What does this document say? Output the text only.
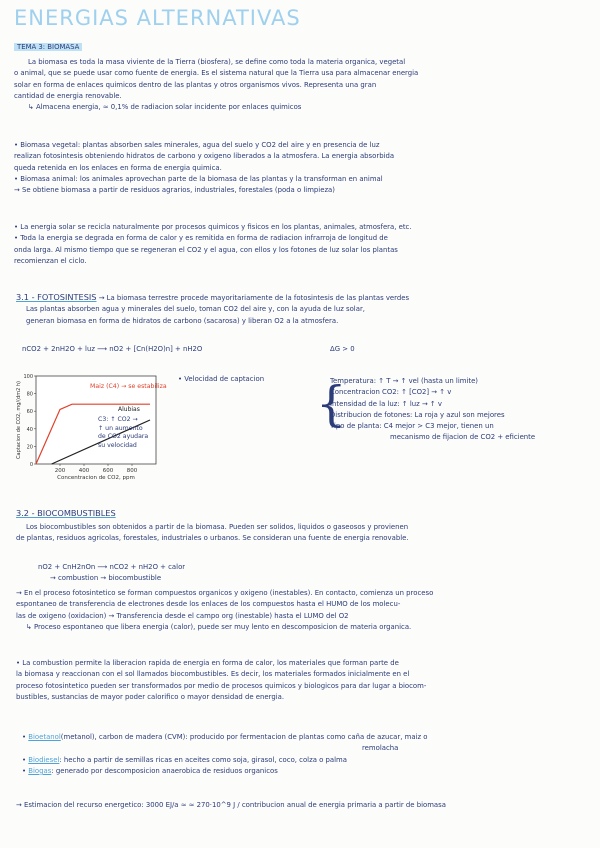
ENERGIAS ALTERNATIVAS
TEMA 3: BIOMASA
La biomasa es toda la masa viviente de la Tierra (biosfera), se define como toda la materia organica, vegetal
o animal, que se puede usar como fuente de energia. Es el sistema natural que la Tierra usa para almacenar energia
solar en forma de enlaces quimicos dentro de las plantas y otros organismos vivos. Representa una gran
cantidad de energia renovable.
↳ Almacena energia, ≈ 0,1% de radiacion solar incidente por enlaces quimicos
• Biomasa vegetal: plantas absorben sales minerales, agua del suelo y CO2 del aire y en presencia de luz
realizan fotosintesis obteniendo hidratos de carbono y oxigeno liberados a la atmosfera. La energia absorbida
queda retenida en los enlaces en forma de energia quimica.
• Biomasa animal: los animales aprovechan parte de la biomasa de las plantas y la transforman en animal
→ Se obtiene biomasa a partir de residuos agrarios, industriales, forestales (poda o limpieza)
• La energia solar se recicla naturalmente por procesos quimicos y fisicos en los plantas, animales, atmosfera, etc.
• Toda la energia se degrada en forma de calor y es remitida en forma de radiacion infrarroja de longitud de
onda larga. Al mismo tiempo que se regeneran el CO2 y el agua, con ellos y los fotones de luz solar los plantas
recomienzan el ciclo.
3.1 - FOTOSINTESIS → La biomasa terrestre procede mayoritariamente de la fotosintesis de las plantas verdes
Las plantas absorben agua y minerales del suelo, toman CO2 del aire y, con la ayuda de luz solar,
generan biomasa en forma de hidratos de carbono (sacarosa) y liberan O2 a la atmosfera.
nCO2 + 2nH2O + luz ⟶ nO2 + [Cn(H2O)n] + nH2O	ΔG > 0
0
20
40
60
80
100
200 400 600 800
Concentracion de CO2, ppm
Captacion de CO2, mg/(dm2 h)	Maiz (C4) → se estabiliza
Alubias
C3: ↑ CO2 →
↑ un aumento
de CO2 ayudara
su velocidad
• Velocidad de captacion {
Temperatura: ↑ T → ↑ vel (hasta un limite)
Concentracion CO2: ↑ [CO2] → ↑ v
Intensidad de la luz: ↑ luz → ↑ v
Distribucion de fotones: La roja y azul son mejores
Tipo de planta: C4 mejor > C3 mejor, tienen un
mecanismo de fijacion de CO2 + eficiente
3.2 - BIOCOMBUSTIBLES
Los biocombustibles son obtenidos a partir de la biomasa. Pueden ser solidos, liquidos o gaseosos y provienen
de plantas, residuos agricolas, forestales, industriales o urbanos. Se consideran una fuente de energia renovable.
nO2 + CnH2nOn ⟶ nCO2 + nH2O + calor
→ combustion → biocombustible
→ En el proceso fotosintetico se forman compuestos organicos y oxigeno (inestables). En contacto, comienza un proceso
espontaneo de transferencia de electrones desde los enlaces de los compuestos hasta el HUMO de los molecu-
las de oxigeno (oxidacion) → Transferencia desde el campo org (inestable) hasta el LUMO del O2
↳ Proceso espontaneo que libera energia (calor), puede ser muy lento en descomposicion de materia organica.
• La combustion permite la liberacion rapida de energia en forma de calor, los materiales que forman parte de
la biomasa y reaccionan con el sol llamados biocombustibles. Es decir, los materiales formados inicialmente en el
proceso fotosintetico pueden ser transformados por medio de procesos quimicos y biologicos para dar lugar a biocom-
bustibles, sustancias de mayor poder calorifico o mayor densidad de energia.
• Bioetanol(metanol), carbon de madera (CVM): producido por fermentacion de plantas como caña de azucar, maiz o
remolacha
• Biodiesel: hecho a partir de semillas ricas en aceites como soja, girasol, coco, colza o palma
• Biogas: generado por descomposicion anaerobica de residuos organicos
→ Estimacion del recurso energetico: 3000 EJ/a ≈ ≈ 270·10^9 J / contribucion anual de energia primaria a partir de biomasa
